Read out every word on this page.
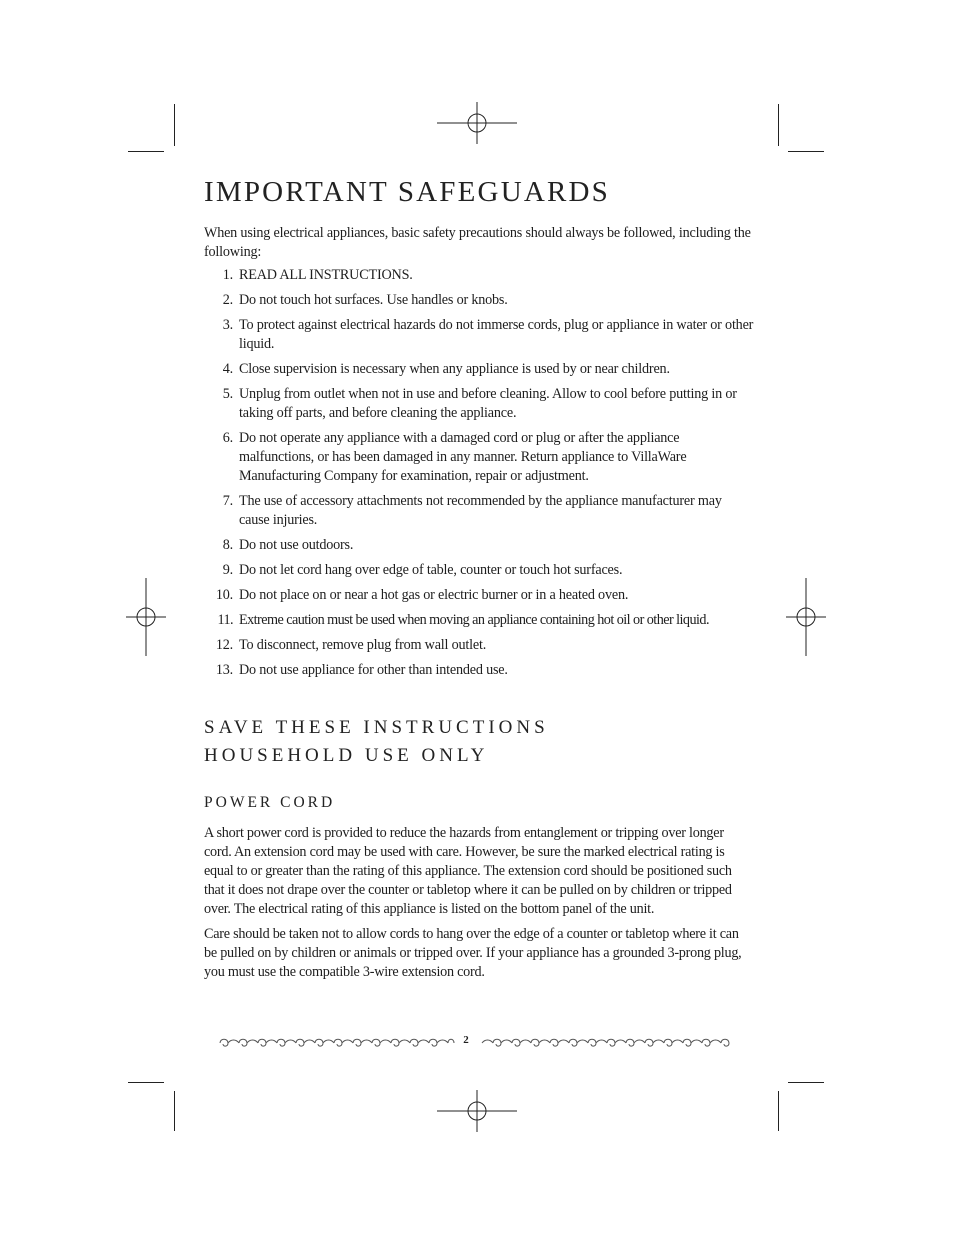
IMPORTANT SAFEGUARDS

When using electrical appliances, basic safety precautions should always be followed, including the following:

1. READ ALL INSTRUCTIONS.
2. Do not touch hot surfaces. Use handles or knobs.
3. To protect against electrical hazards do not immerse cords, plug or appliance in water or other liquid.
4. Close supervision is necessary when any appliance is used by or near children.
5. Unplug from outlet when not in use and before cleaning. Allow to cool before putting in or taking off parts, and before cleaning the appliance.
6. Do not operate any appliance with a damaged cord or plug or after the appliance malfunctions, or has been damaged in any manner. Return appliance to VillaWare Manufacturing Company for examination, repair or adjustment.
7. The use of accessory attachments not recommended by the appliance manufacturer may cause injuries.
8. Do not use outdoors.
9. Do not let cord hang over edge of table, counter or touch hot surfaces.
10. Do not place on or near a hot gas or electric burner or in a heated oven.
11. Extreme caution must be used when moving an appliance containing hot oil or other liquid.
12. To disconnect, remove plug from wall outlet.
13. Do not use appliance for other than intended use.
SAVE THESE INSTRUCTIONS
HOUSEHOLD USE ONLY
POWER CORD

A short power cord is provided to reduce the hazards from entanglement or tripping over longer cord. An extension cord may be used with care. However, be sure the marked electrical rating is equal to or greater than the rating of this appliance. The extension cord should be positioned such that it does not drape over the counter or tabletop where it can be pulled on by children or tripped over. The electrical rating of this appliance is listed on the bottom panel of the unit.

Care should be taken not to allow cords to hang over the edge of a counter or tabletop where it can be pulled on by children or animals or tripped over. If your appliance has a grounded 3-prong plug, you must use the compatible 3-wire extension cord.

2
